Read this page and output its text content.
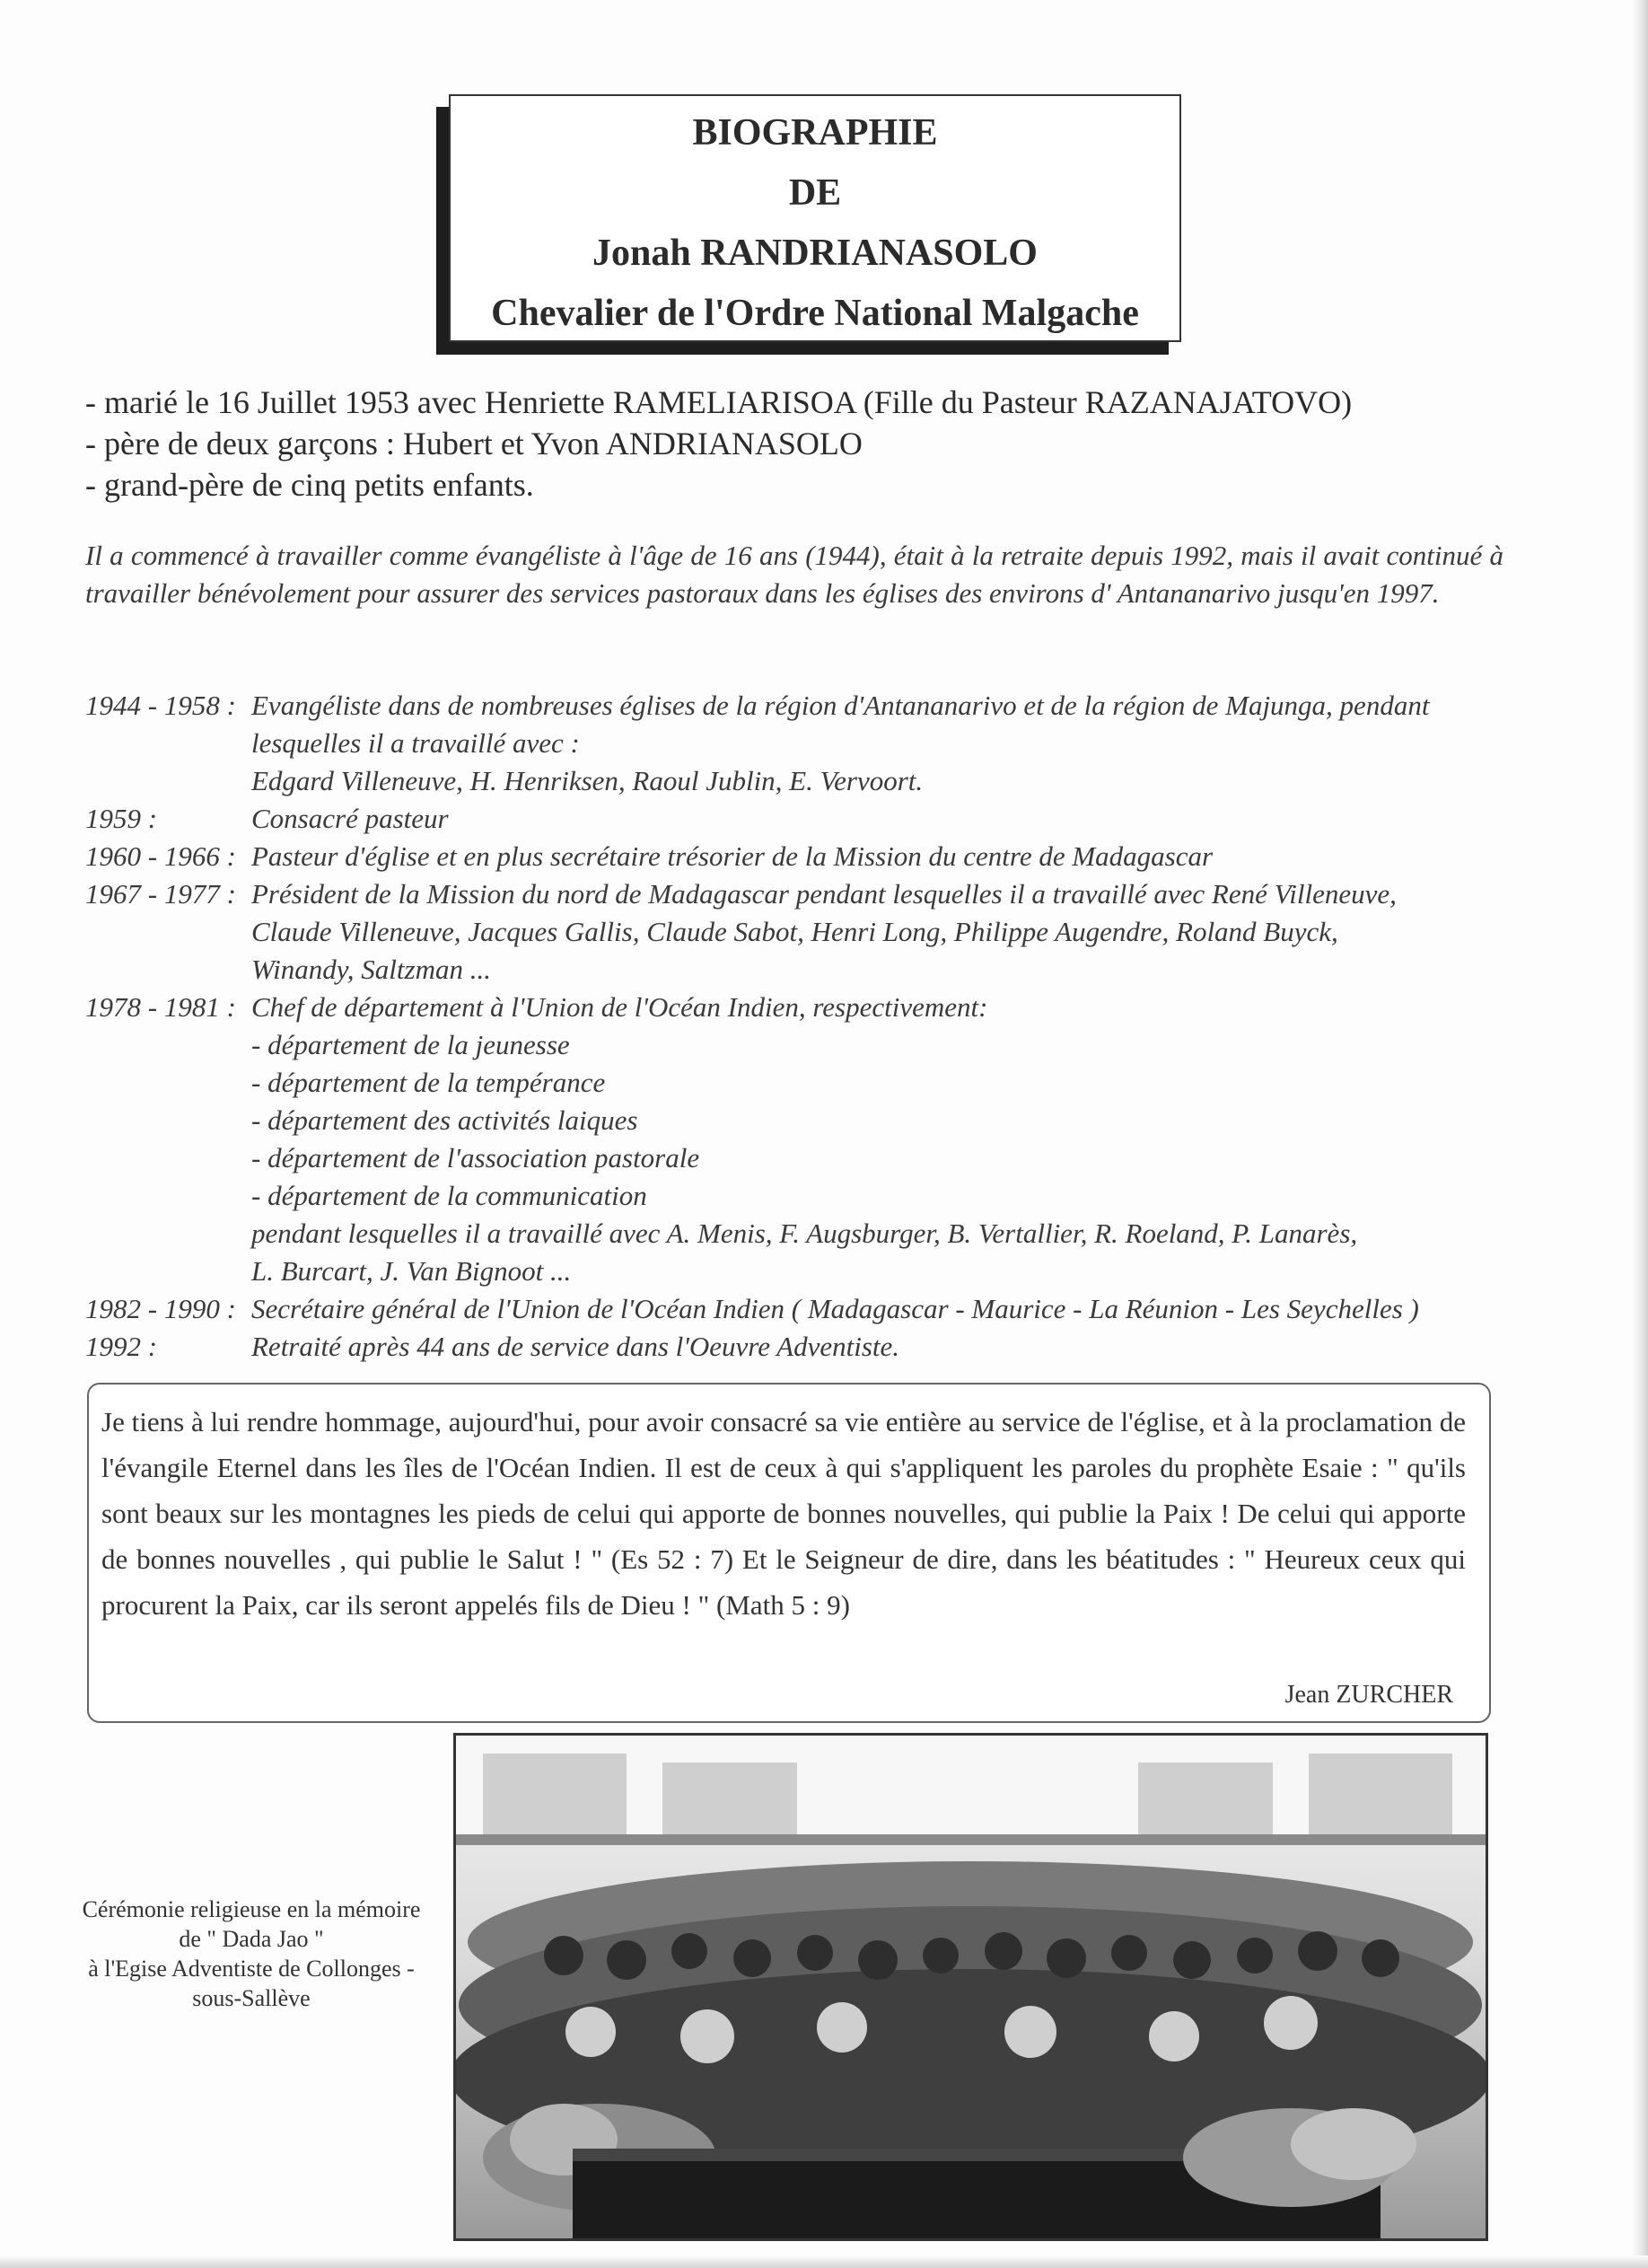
BIOGRAPHIE
DE
Jonah RANDRIANASOLO
Chevalier de l'Ordre National Malgache
- marié le 16 Juillet 1953 avec Henriette RAMELIARISOA (Fille du Pasteur RAZANAJATOVO)
- père de deux garçons : Hubert et Yvon ANDRIANASOLO
- grand-père de cinq petits enfants.
Il a commencé à travailler comme évangéliste à l'âge de 16 ans (1944), était à la retraite depuis 1992, mais il avait continué à travailler bénévolement pour assurer des services pastoraux dans les églises des environs d' Antananarivo jusqu'en 1997.
1944 - 1958 : Evangéliste dans de nombreuses églises de la région d'Antananarivo et de la région de Majunga, pendant
lesquelles il a travaillé avec :
Edgard Villeneuve, H. Henriksen, Raoul Jublin, E. Vervoort.
1959 :	Consacré pasteur
1960 - 1966 : Pasteur d'église et en plus secrétaire trésorier de la Mission du centre de Madagascar
1967 - 1977 : Président de la Mission du nord de Madagascar pendant lesquelles il a travaillé avec René Villeneuve,
Claude Villeneuve, Jacques Gallis, Claude Sabot, Henri Long, Philippe Augendre, Roland Buyck,
Winandy, Saltzman ...
1978 - 1981 : Chef de département à l'Union de l'Océan Indien, respectivement:
- département de la jeunesse
- département de la tempérance
- département des activités laiques
- département de l'association pastorale
- département de la communication
pendant lesquelles il a travaillé avec A. Menis, F. Augsburger, B. Vertallier, R. Roeland, P. Lanarès,
L. Burcart, J. Van Bignoot ...
1982 - 1990 : Secrétaire général de l'Union de l'Océan Indien ( Madagascar - Maurice - La Réunion - Les Seychelles )
1992 :	Retraité après 44 ans de service dans l'Oeuvre Adventiste.
Je tiens à lui rendre hommage, aujourd'hui, pour avoir consacré sa vie entière au service de l'église, et à la proclamation de l'évangile Eternel dans les îles de l'Océan Indien. Il est de ceux à qui s'appliquent les paroles du prophète Esaie : " qu'ils sont beaux sur les montagnes les pieds de celui qui apporte de bonnes nouvelles, qui publie la Paix ! De celui qui apporte de bonnes nouvelles , qui publie le Salut ! " (Es 52 : 7) Et le Seigneur de dire, dans les béatitudes : " Heureux ceux qui procurent la Paix, car ils seront appelés fils de Dieu ! " (Math 5 : 9)
Jean ZURCHER
Cérémonie religieuse en la mémoire
de " Dada Jao "
à l'Egise Adventiste de Collonges -
sous-Sallève
